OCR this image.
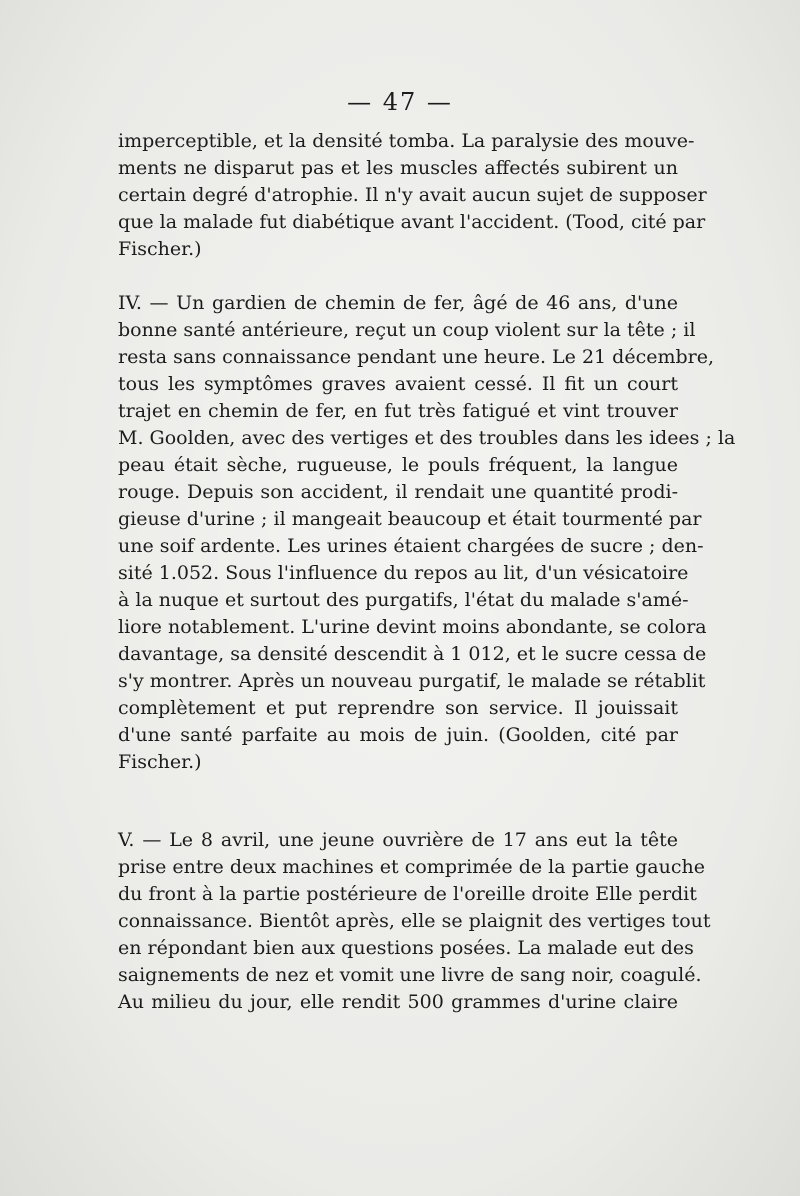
— 47 —
imperceptible, et la densité tomba. La paralysie des mouve-
ments ne disparut pas et les muscles affectés subirent un
certain degré d'atrophie. Il n'y avait aucun sujet de supposer
que la malade fut diabétique avant l'accident. (Tood, cité par
Fischer.)
IV. — Un gardien de chemin de fer, âgé de 46 ans, d'une
bonne santé antérieure, reçut un coup violent sur la tête ; il
resta sans connaissance pendant une heure. Le 21 décembre,
tous les symptômes graves avaient cessé. Il fit un court
trajet en chemin de fer, en fut très fatigué et vint trouver
M. Goolden, avec des vertiges et des troubles dans les idees ; la
peau était sèche, rugueuse, le pouls fréquent, la langue
rouge. Depuis son accident, il rendait une quantité prodi-
gieuse d'urine ; il mangeait beaucoup et était tourmenté par
une soif ardente. Les urines étaient chargées de sucre ; den-
sité 1.052. Sous l'influence du repos au lit, d'un vésicatoire
à la nuque et surtout des purgatifs, l'état du malade s'amé-
liore notablement. L'urine devint moins abondante, se colora
davantage, sa densité descendit à 1 012, et le sucre cessa de
s'y montrer. Après un nouveau purgatif, le malade se rétablit
complètement et put reprendre son service. Il jouissait
d'une santé parfaite au mois de juin. (Goolden, cité par
Fischer.)
V. — Le 8 avril, une jeune ouvrière de 17 ans eut la tête
prise entre deux machines et comprimée de la partie gauche
du front à la partie postérieure de l'oreille droite Elle perdit
connaissance. Bientôt après, elle se plaignit des vertiges tout
en répondant bien aux questions posées. La malade eut des
saignements de nez et vomit une livre de sang noir, coagulé.
Au milieu du jour, elle rendit 500 grammes d'urine claire
